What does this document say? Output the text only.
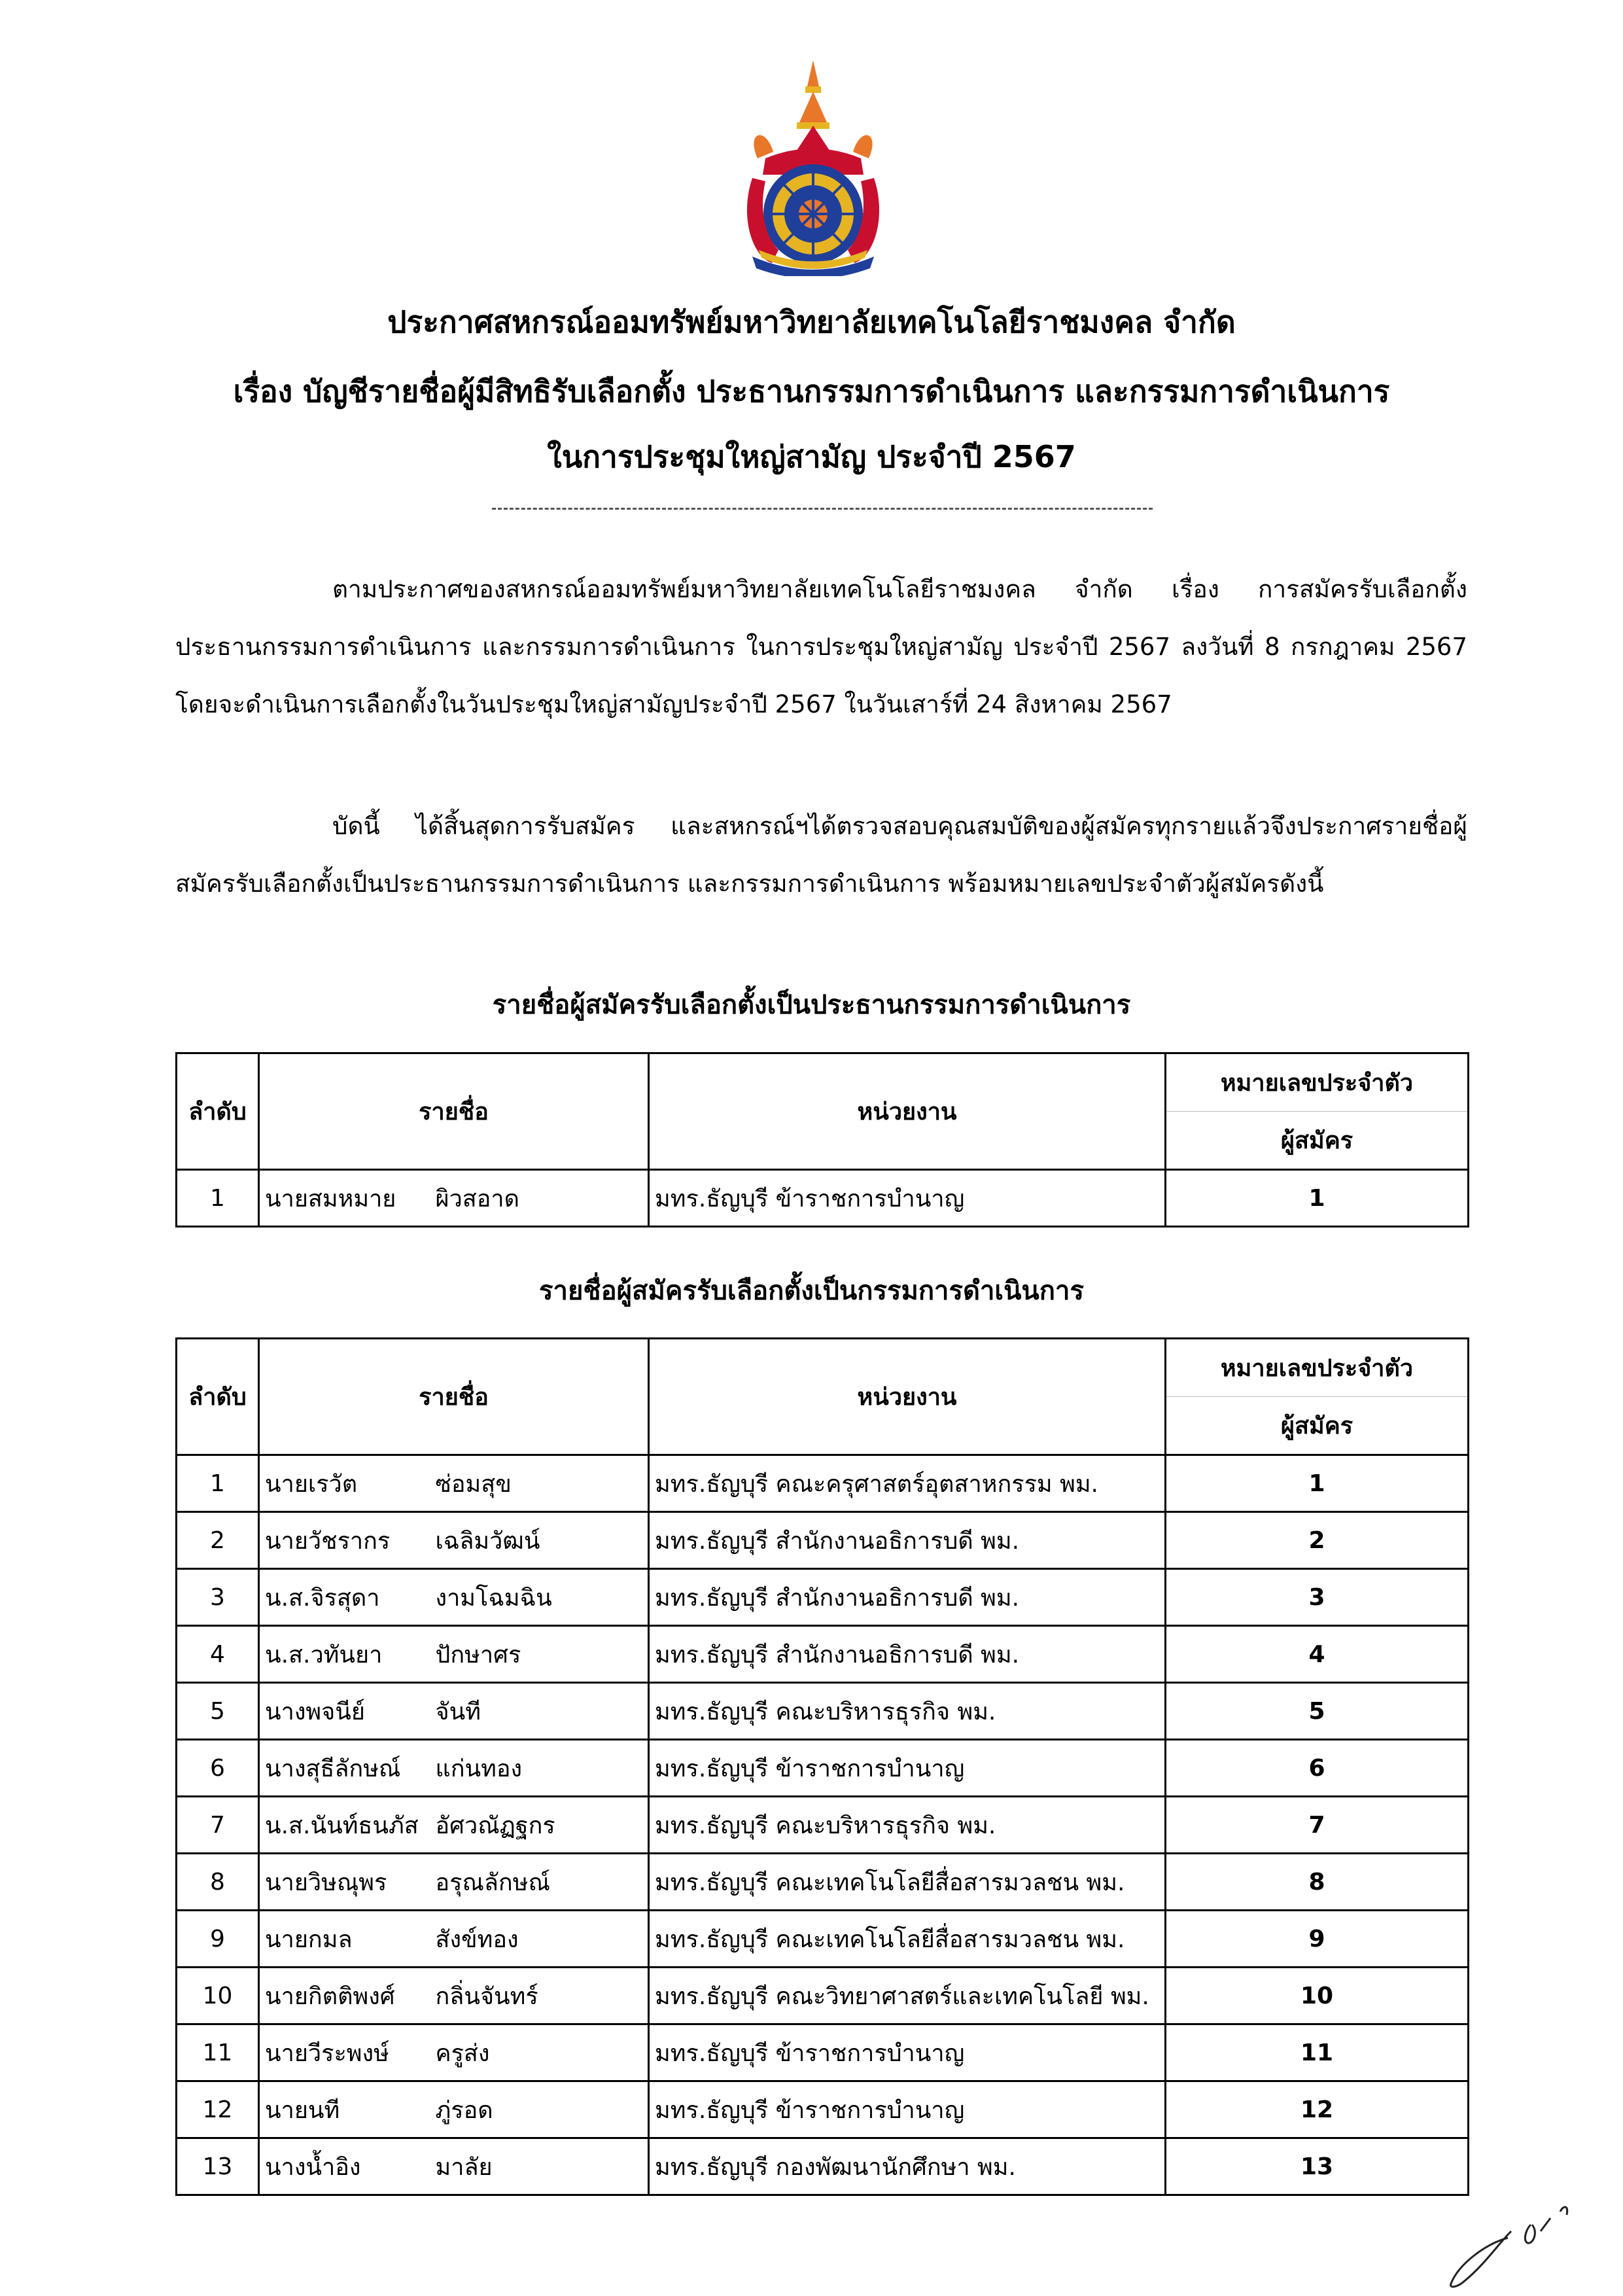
ประกาศสหกรณ์ออมทรัพย์มหาวิทยาลัยเทคโนโลยีราชมงคล จำกัด
เรื่อง บัญชีรายชื่อผู้มีสิทธิรับเลือกตั้ง ประธานกรรมการดำเนินการ และกรรมการดำเนินการ
ในการประชุมใหญ่สามัญ ประจำปี 2567

ตามประกาศของสหกรณ์ออมทรัพย์มหาวิทยาลัยเทคโนโลยีราชมงคล จำกัด เรื่อง การสมัครรับเลือกตั้ง ประธานกรรมการดำเนินการ และกรรมการดำเนินการ ในการประชุมใหญ่สามัญ ประจำปี 2567 ลงวันที่ 8 กรกฎาคม 2567 โดยจะดำเนินการเลือกตั้งในวันประชุมใหญ่สามัญประจำปี 2567 ในวันเสาร์ที่ 24 สิงหาคม 2567

บัดนี้ ได้สิ้นสุดการรับสมัคร และสหกรณ์ฯได้ตรวจสอบคุณสมบัติของผู้สมัครทุกรายแล้วจึงประกาศรายชื่อผู้สมัครรับเลือกตั้งเป็นประธานกรรมการดำเนินการ และกรรมการดำเนินการ พร้อมหมายเลขประจำตัวผู้สมัครดังนี้

รายชื่อผู้สมัครรับเลือกตั้งเป็นประธานกรรมการดำเนินการ
ลำดับ	รายชื่อ		หน่วยงาน	หมายเลขประจำตัว
				ผู้สมัคร
1	นายสมหมาย	ผิวสอาด	มทร.ธัญบุรี ข้าราชการบำนาญ	1
รายชื่อผู้สมัครรับเลือกตั้งเป็นกรรมการดำเนินการ
ลำดับ	รายชื่อ		หน่วยงาน	หมายเลขประจำตัว
				ผู้สมัคร
1	นายเรวัต	ซ่อมสุข	มทร.ธัญบุรี คณะครุศาสตร์อุตสาหกรรม พม.	1
2	นายวัชรากร	เฉลิมวัฒน์	มทร.ธัญบุรี สำนักงานอธิการบดี พม.	2
3	น.ส.จิรสุดา	งามโฉมฉิน	มทร.ธัญบุรี สำนักงานอธิการบดี พม.	3
4	น.ส.วทันยา	ปักษาศร	มทร.ธัญบุรี สำนักงานอธิการบดี พม.	4
5	นางพจนีย์	จันที	มทร.ธัญบุรี คณะบริหารธุรกิจ พม.	5
6	นางสุธีลักษณ์	แก่นทอง	มทร.ธัญบุรี ข้าราชการบำนาญ	6
7	น.ส.นันท์ธนภัส	อัศวณัฏฐกร	มทร.ธัญบุรี คณะบริหารธุรกิจ พม.	7
8	นายวิษณุพร	อรุณลักษณ์	มทร.ธัญบุรี คณะเทคโนโลยีสื่อสารมวลชน พม.	8
9	นายกมล	สังข์ทอง	มทร.ธัญบุรี คณะเทคโนโลยีสื่อสารมวลชน พม.	9
10	นายกิตติพงศ์	กลิ่นจันทร์	มทร.ธัญบุรี คณะวิทยาศาสตร์และเทคโนโลยี พม.	10
11	นายวีระพงษ์	ครูส่ง	มทร.ธัญบุรี ข้าราชการบำนาญ	11
12	นายนที	ภู่รอด	มทร.ธัญบุรี ข้าราชการบำนาญ	12
13	นางน้ำอิง	มาลัย	มทร.ธัญบุรี กองพัฒนานักศึกษา พม.	13
